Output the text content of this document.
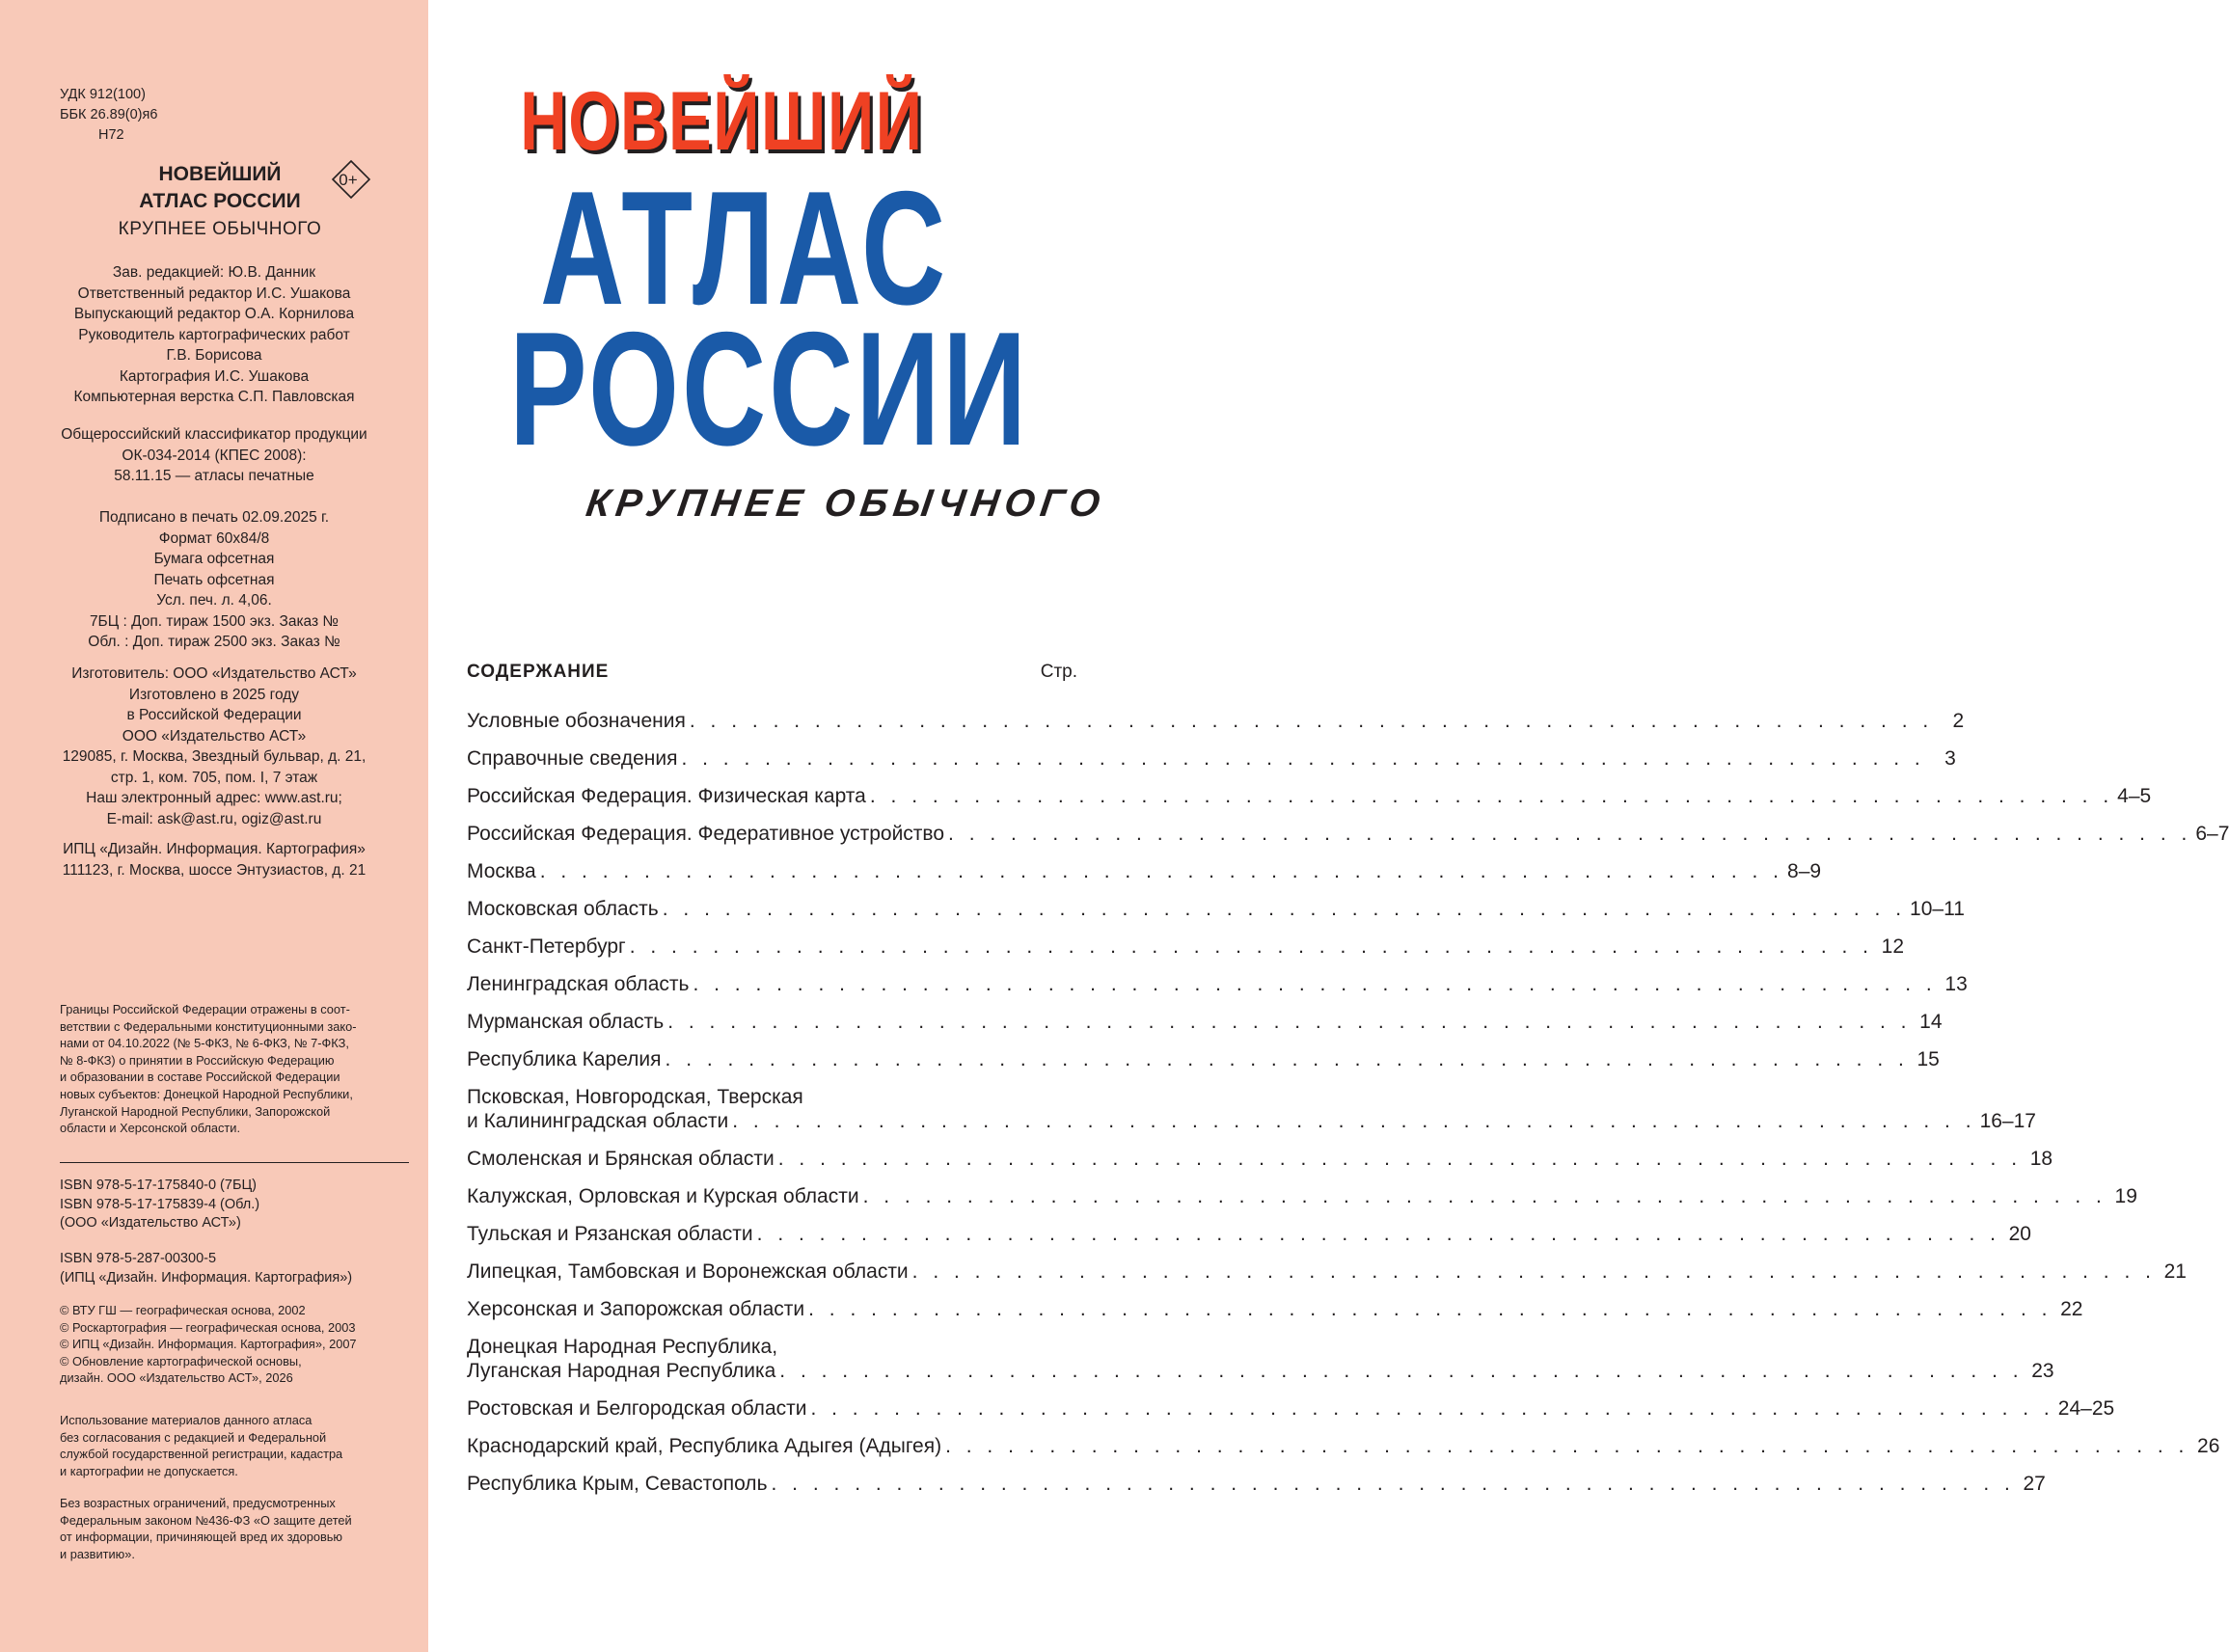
УДК 912(100)
ББК 26.89(0)я6
Н72
НОВЕЙШИЙ
АТЛАС РОССИИ
0+
КРУПНЕЕ ОБЫЧНОГО
Зав. редакцией: Ю.В. Данник
Ответственный редактор И.С. Ушакова
Выпускающий редактор О.А. Корнилова
Руководитель картографических работ
Г.В. Борисова
Картография И.С. Ушакова
Компьютерная верстка С.П. Павловская
Общероссийский классификатор продукции
ОК-034-2014 (КПЕС 2008):
58.11.15 — атласы печатные
Подписано в печать 02.09.2025 г.
Формат 60х84/8
Бумага офсетная
Печать офсетная
Усл. печ. л. 4,06.
7БЦ : Доп. тираж 1500 экз. Заказ №
Обл. : Доп. тираж 2500 экз. Заказ №
Изготовитель: ООО «Издательство АСТ»
Изготовлено в 2025 году
в Российской Федерации
ООО «Издательство АСТ»
129085, г. Москва, Звездный бульвар, д. 21,
стр. 1, ком. 705, пом. I, 7 этаж
Наш электронный адрес: www.ast.ru;
E-mail: ask@ast.ru, ogiz@ast.ru
ИПЦ «Дизайн. Информация. Картография»
111123, г. Москва, шоссе Энтузиастов, д. 21
Границы Российской Федерации отражены в соот-
ветствии с Федеральными конституционными зако-
нами от 04.10.2022 (№ 5-ФКЗ, № 6-ФКЗ, № 7-ФКЗ,
№ 8-ФКЗ) о принятии в Российскую Федерацию
и образовании в составе Российской Федерации
новых субъектов: Донецкой Народной Республики,
Луганской Народной Республики, Запорожской
области и Херсонской области.
ISBN 978-5-17-175840-0 (7БЦ)
ISBN 978-5-17-175839-4 (Обл.)
(ООО «Издательство АСТ»)
ISBN 978-5-287-00300-5
(ИПЦ «Дизайн. Информация. Картография»)
© ВТУ ГШ — географическая основа, 2002
© Роскартография — географическая основа, 2003
© ИПЦ «Дизайн. Информация. Картография», 2007
© Обновление картографической основы,
дизайн. ООО «Издательство АСТ», 2026
Использование материалов данного атласа
без согласования с редакцией и Федеральной
службой государственной регистрации, кадастра
и картографии не допускается.
Без возрастных ограничений, предусмотренных
Федеральным законом №436-ФЗ «О защите детей
от информации, причиняющей вред их здоровью
и развитию».
НОВЕЙШИЙ
АТЛАС
РОССИИ
КРУПНЕЕ ОБЫЧНОГО
СОДЕРЖАНИЕ	Стр.
Условные обозначения . . . . . . . . . . . . . . . . . . . . . . . . . . . . . . . . . . . . . . . . . . . . . . . . . . . . . . . . . . . . 2
Справочные сведения . . . . . . . . . . . . . . . . . . . . . . . . . . . . . . . . . . . . . . . . . . . . . . . . . . . . . . . . . . . . 3
Российская Федерация. Физическая карта . . . . . . . . . . . . . . . . . . . . . . . . . . . . . . . . . . . . . . . . . . . . . . . . . . . . . . . . . . . . 4–5
Российская Федерация. Федеративное устройство . . . . . . . . . . . . . . . . . . . . . . . . . . . . . . . . . . . . . . . . . . . . . . . . . . . . . . . . . . . . 6–7
Москва . . . . . . . . . . . . . . . . . . . . . . . . . . . . . . . . . . . . . . . . . . . . . . . . . . . . . . . . . . . . 8–9
Московская область . . . . . . . . . . . . . . . . . . . . . . . . . . . . . . . . . . . . . . . . . . . . . . . . . . . . . . . . . . . . 10–11
Санкт-Петербург . . . . . . . . . . . . . . . . . . . . . . . . . . . . . . . . . . . . . . . . . . . . . . . . . . . . . . . . . . . . 12
Ленинградская область . . . . . . . . . . . . . . . . . . . . . . . . . . . . . . . . . . . . . . . . . . . . . . . . . . . . . . . . . . . . 13
Мурманская область . . . . . . . . . . . . . . . . . . . . . . . . . . . . . . . . . . . . . . . . . . . . . . . . . . . . . . . . . . . . 14
Республика Карелия . . . . . . . . . . . . . . . . . . . . . . . . . . . . . . . . . . . . . . . . . . . . . . . . . . . . . . . . . . . . 15
Псковская, Новгородская, Тверская
и Калининградская области . . . . . . . . . . . . . . . . . . . . . . . . . . . . . . . . . . . . . . . . . . . . . . . . . . . . . . . . . . . . 16–17
Смоленская и Брянская области . . . . . . . . . . . . . . . . . . . . . . . . . . . . . . . . . . . . . . . . . . . . . . . . . . . . . . . . . . . . 18
Калужская, Орловская и Курская области . . . . . . . . . . . . . . . . . . . . . . . . . . . . . . . . . . . . . . . . . . . . . . . . . . . . . . . . . . . . 19
Тульская и Рязанская области . . . . . . . . . . . . . . . . . . . . . . . . . . . . . . . . . . . . . . . . . . . . . . . . . . . . . . . . . . . . 20
Липецкая, Тамбовская и Воронежская области . . . . . . . . . . . . . . . . . . . . . . . . . . . . . . . . . . . . . . . . . . . . . . . . . . . . . . . . . . . . 21
Херсонская и Запорожская области . . . . . . . . . . . . . . . . . . . . . . . . . . . . . . . . . . . . . . . . . . . . . . . . . . . . . . . . . . . . 22
Донецкая Народная Республика,
Луганская Народная Республика . . . . . . . . . . . . . . . . . . . . . . . . . . . . . . . . . . . . . . . . . . . . . . . . . . . . . . . . . . . . 23
Ростовская и Белгородская области . . . . . . . . . . . . . . . . . . . . . . . . . . . . . . . . . . . . . . . . . . . . . . . . . . . . . . . . . . . . 24–25
Краснодарский край, Республика Адыгея (Адыгея) . . . . . . . . . . . . . . . . . . . . . . . . . . . . . . . . . . . . . . . . . . . . . . . . . . . . . . . . . . . . 26
Республика Крым, Севастополь . . . . . . . . . . . . . . . . . . . . . . . . . . . . . . . . . . . . . . . . . . . . . . . . . . . . . . . . . . . . 27
